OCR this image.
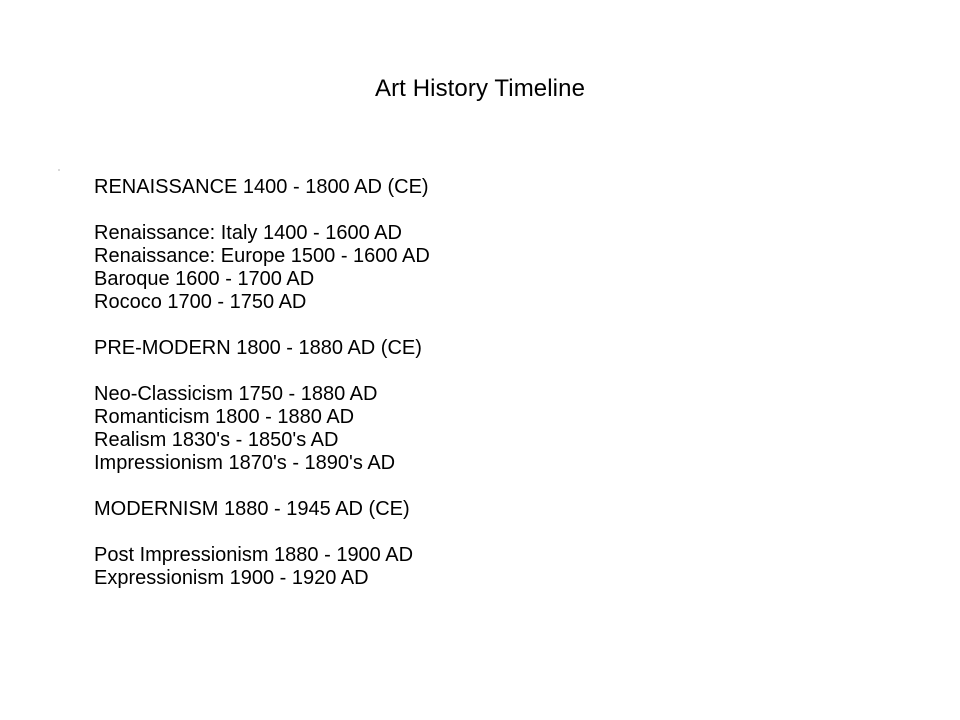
Art History Timeline
RENAISSANCE 1400 - 1800 AD (CE)
Renaissance: Italy 1400 - 1600 AD
Renaissance: Europe 1500 - 1600 AD
Baroque 1600 - 1700 AD
Rococo 1700 - 1750 AD
PRE-MODERN 1800 - 1880 AD (CE)
Neo-Classicism 1750 - 1880 AD
Romanticism 1800 - 1880 AD
Realism 1830's - 1850's AD
Impressionism 1870's - 1890's AD
MODERNISM 1880 - 1945 AD (CE)
Post Impressionism 1880 - 1900 AD
Expressionism 1900 - 1920 AD
